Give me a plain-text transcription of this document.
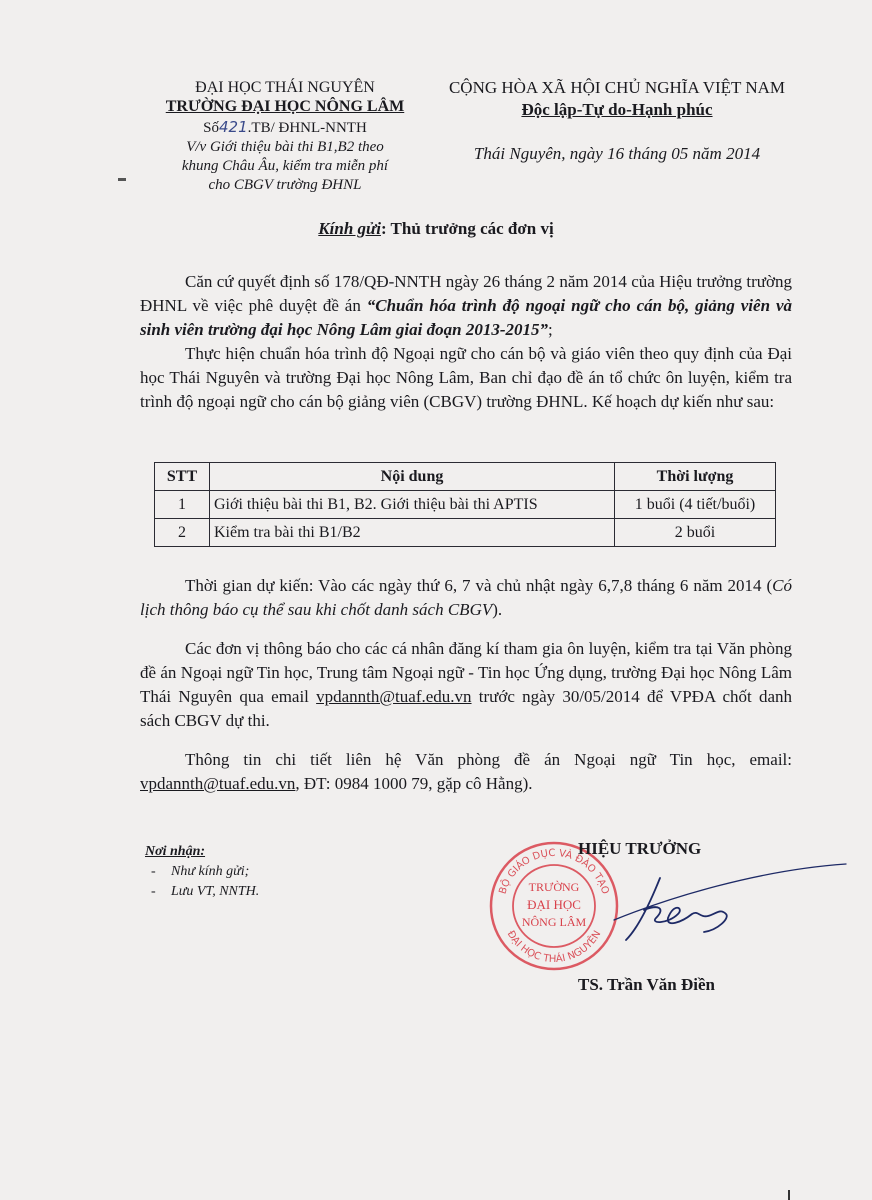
ĐẠI HỌC THÁI NGUYÊN
TRƯỜNG ĐẠI HỌC NÔNG LÂM
Số421.TB/ ĐHNL-NNTH
V/v Giới thiệu bài thi B1,B2 theo
khung Châu Âu, kiểm tra miễn phí
cho CBGV trường ĐHNL
CỘNG HÒA XÃ HỘI CHỦ NGHĨA VIỆT NAM
Độc lập-Tự do-Hạnh phúc
Thái Nguyên, ngày 16 tháng 05 năm 2014
Kính gửi: Thủ trưởng các đơn vị

Căn cứ quyết định số 178/QĐ-NNTH ngày 26 tháng 2 năm 2014 của Hiệu trưởng trường ĐHNL về việc phê duyệt đề án “Chuẩn hóa trình độ ngoại ngữ cho cán bộ, giảng viên và sinh viên trường đại học Nông Lâm giai đoạn 2013-2015”;

Thực hiện chuẩn hóa trình độ Ngoại ngữ cho cán bộ và giáo viên theo quy định của Đại học Thái Nguyên và trường Đại học Nông Lâm, Ban chỉ đạo đề án tổ chức ôn luyện, kiểm tra trình độ ngoại ngữ cho cán bộ giảng viên (CBGV) trường ĐHNL. Kế hoạch dự kiến như sau:

STT	Nội dung	Thời lượng
1	Giới thiệu bài thi B1, B2. Giới thiệu bài thi APTIS	1 buổi (4 tiết/buổi)
2	Kiểm tra bài thi B1/B2	2 buổi

Thời gian dự kiến: Vào các ngày thứ 6, 7 và chủ nhật ngày 6,7,8 tháng 6 năm 2014 (Có lịch thông báo cụ thể sau khi chốt danh sách CBGV).

Các đơn vị thông báo cho các cá nhân đăng kí tham gia ôn luyện, kiểm tra tại Văn phòng đề án Ngoại ngữ Tin học, Trung tâm Ngoại ngữ - Tin học Ứng dụng, trường Đại học Nông Lâm Thái Nguyên qua email vpdannth@tuaf.edu.vn trước ngày 30/05/2014 để VPĐA chốt danh sách CBGV dự thi.

Thông tin chi tiết liên hệ Văn phòng đề án Ngoại ngữ Tin học, email: vpdannth@tuaf.edu.vn, ĐT: 0984 1000 79, gặp cô Hằng).

Nơi nhận:
- Như kính gửi;
- Lưu VT, NNTH.	BỘ GIÁO DỤC VÀ ĐÀO TẠO
ĐẠI HỌC THÁI NGUYÊN
TRƯỜNG
ĐẠI HỌC
NÔNG LÂM
HIỆU TRƯỞNG
TS. Trần Văn Điền
